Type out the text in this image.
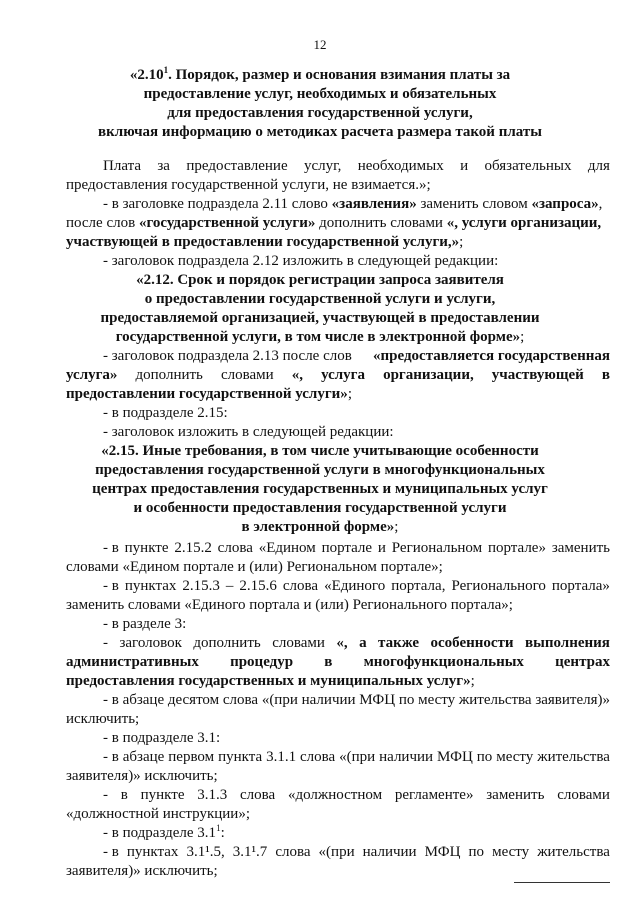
12
«2.10$^1$. Порядок, размер и основания взимания платы за
предоставление услуг, необходимых и обязательных
для предоставления государственной услуги,
включая информацию о методиках расчета размера такой платы
Плата за предоставление услуг, необходимых и обязательных для
предоставления государственной услуги, не взимается.»;
- в заголовке подраздела 2.11 слово «заявления» заменить словом «запроса»,
после слов «государственной услуги» дополнить словами «, услуги организации,
участвующей в предоставлении государственной услуги,»;
- заголовок подраздела 2.12 изложить в следующей редакции:
«2.12. Срок и порядок регистрации запроса заявителя
о предоставлении государственной услуги и услуги,
предоставляемой организацией, участвующей в предоставлении
государственной услуги, в том числе в электронной форме»;
- заголовок подраздела 2.13 после слов «предоставляется государственная
услуга» дополнить словами «, услуга организации, участвующей в
предоставлении государственной услуги»;
- в подразделе 2.15:
- заголовок изложить в следующей редакции:
«2.15. Иные требования, в том числе учитывающие особенности
предоставления государственной услуги в многофункциональных
центрах предоставления государственных и муниципальных услуг
и особенности предоставления государственной услуги
в электронной форме»;
- в пункте 2.15.2 слова «Едином портале и Региональном портале» заменить
словами «Едином портале и (или) Региональном портале»;
- в пунктах 2.15.3 – 2.15.6 слова «Единого портала, Регионального портала»
заменить словами «Единого портала и (или) Регионального портала»;
- в разделе 3:
- заголовок дополнить словами «, а также особенности выполнения
административных процедур в многофункциональных центрах
предоставления государственных и муниципальных услуг»;
- в абзаце десятом слова «(при наличии МФЦ по месту жительства заявителя)»
исключить;
- в подразделе 3.1:
- в абзаце первом пункта 3.1.1 слова «(при наличии МФЦ по месту жительства
заявителя)» исключить;
- в пункте 3.1.3 слова «должностном регламенте» заменить словами
«должностной инструкции»;
- в подразделе $3.1^1$:
- в пунктах 3.1¹.5, 3.1¹.7 слова «(при наличии МФЦ по месту жительства
заявителя)» исключить;
